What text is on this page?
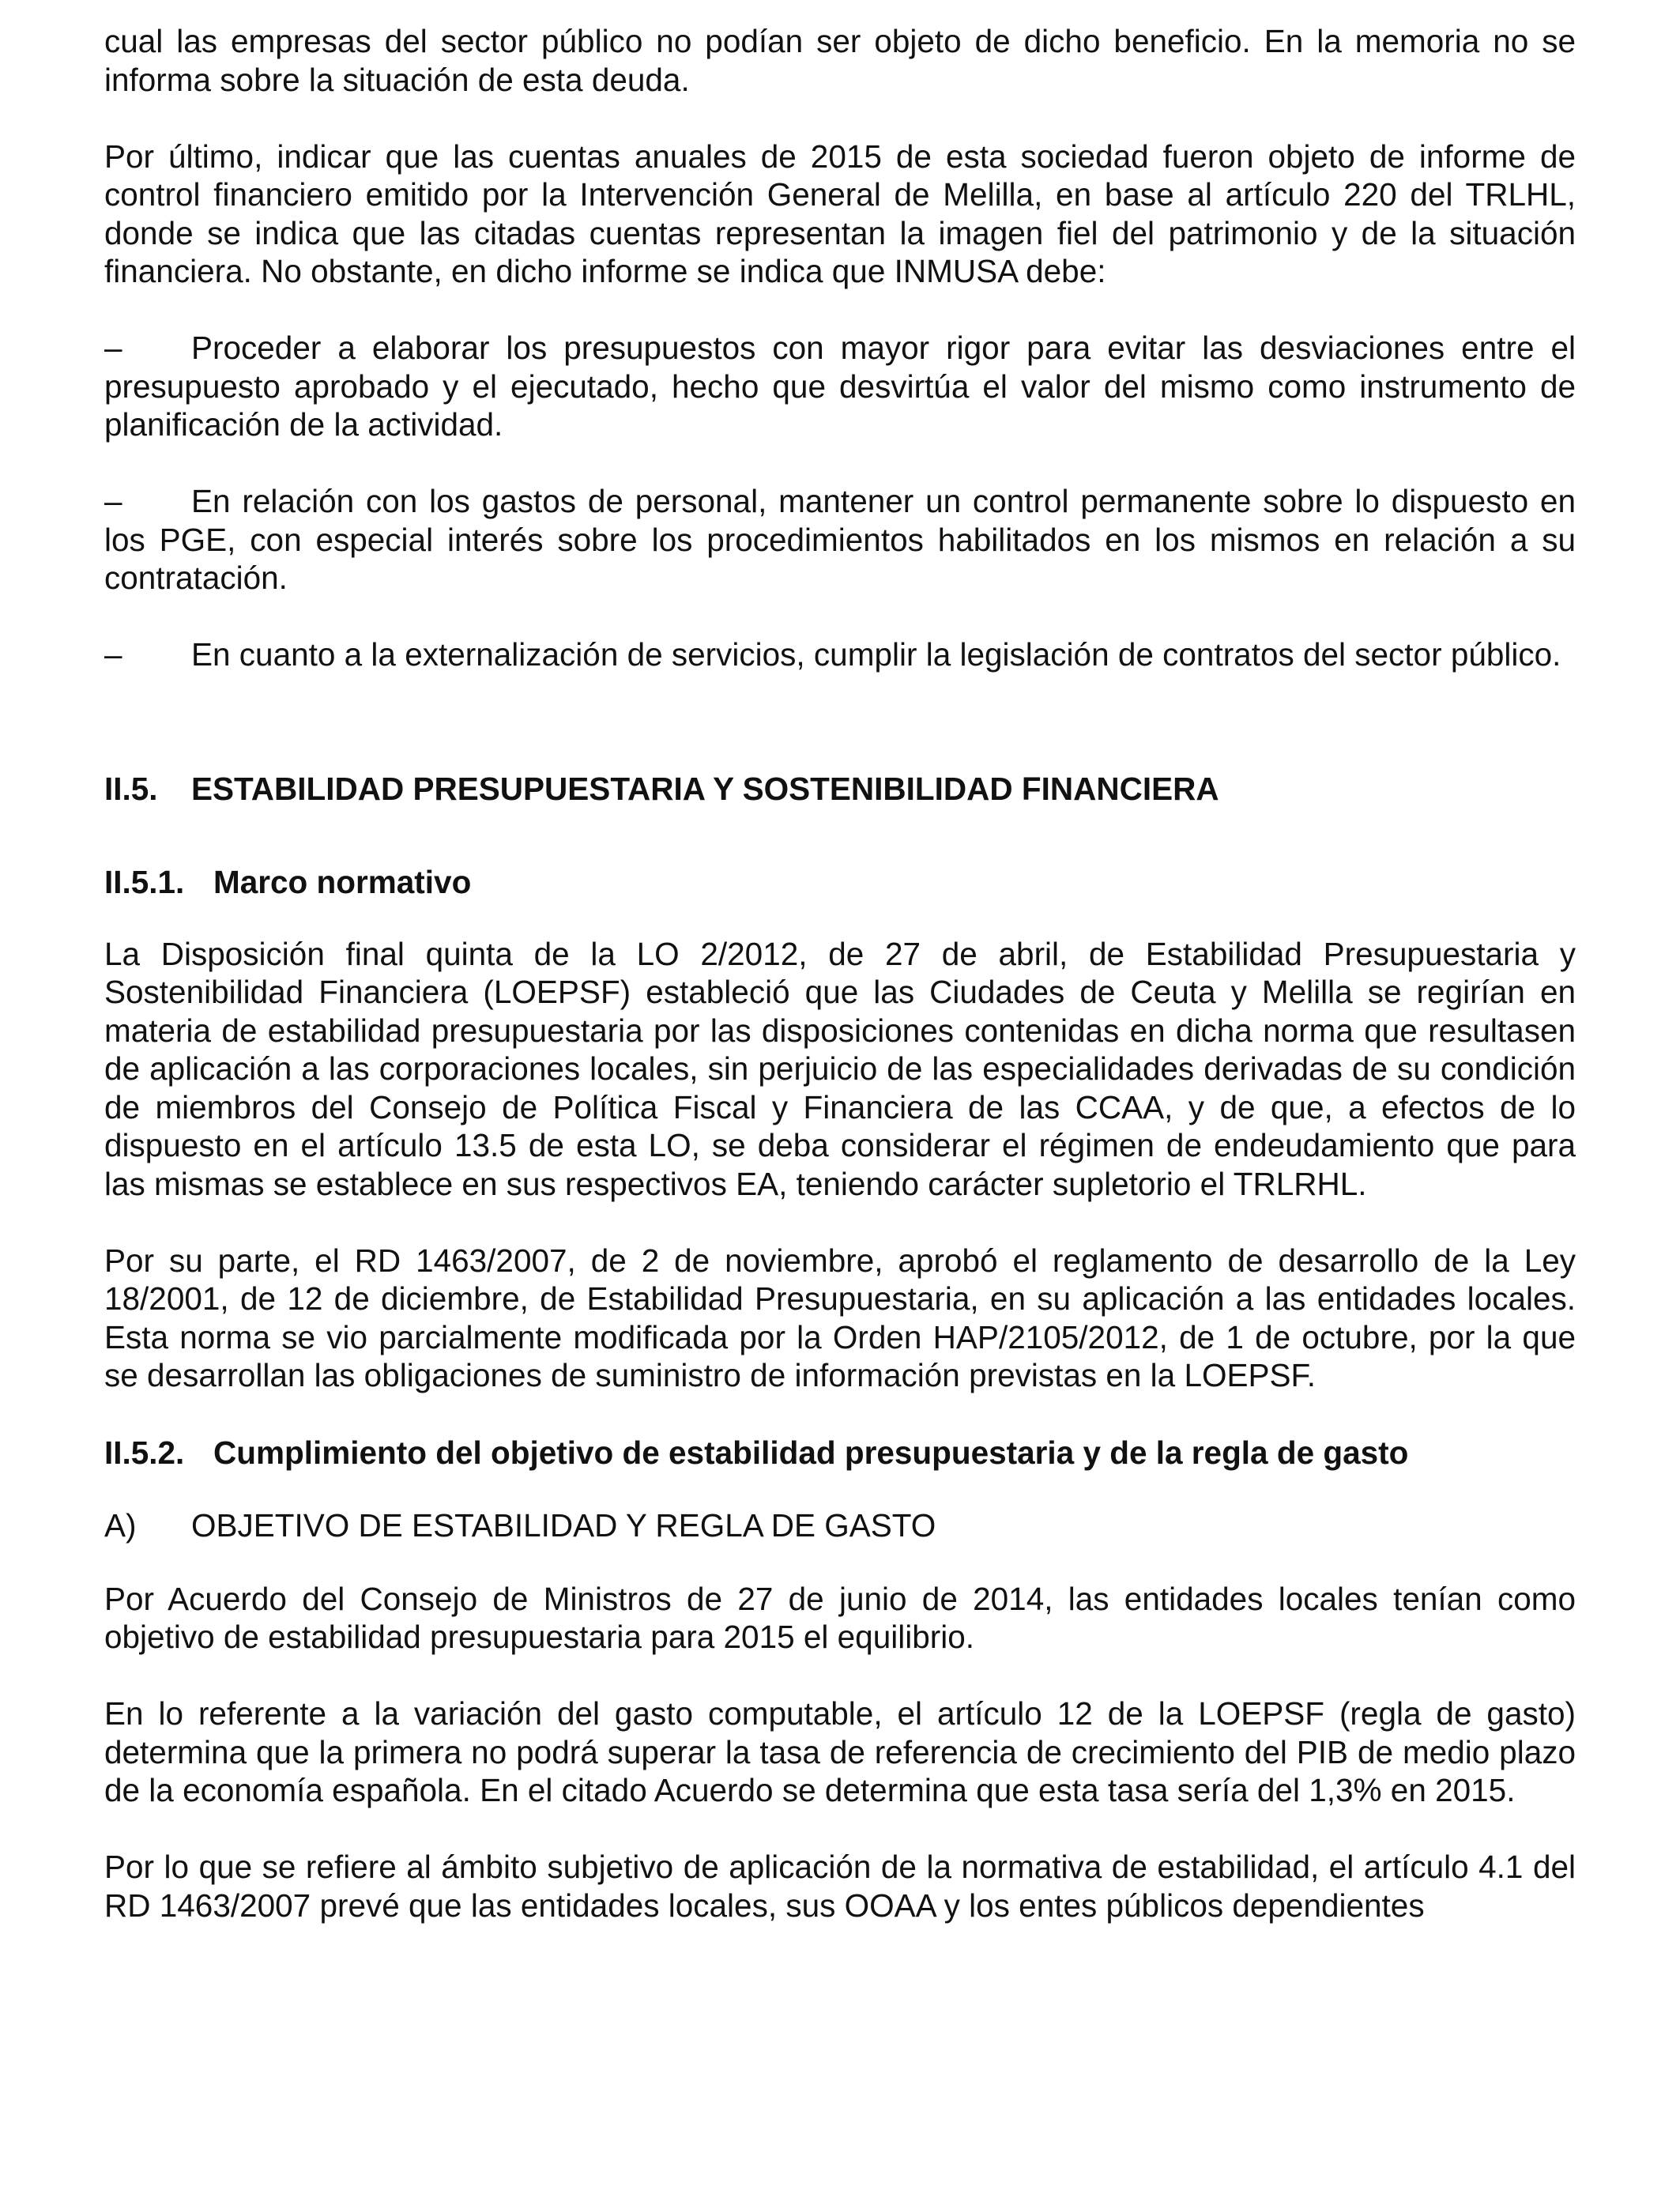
cual las empresas del sector público no podían ser objeto de dicho beneficio. En la memoria no se informa sobre la situación de esta deuda.

Por último, indicar que las cuentas anuales de 2015 de esta sociedad fueron objeto de informe de control financiero emitido por la Intervención General de Melilla, en base al artículo 220 del TRLHL, donde se indica que las citadas cuentas representan la imagen fiel del patrimonio y de la situación financiera. No obstante, en dicho informe se indica que INMUSA debe:

– Proceder a elaborar los presupuestos con mayor rigor para evitar las desviaciones entre el presupuesto aprobado y el ejecutado, hecho que desvirtúa el valor del mismo como instrumento de planificación de la actividad.

– En relación con los gastos de personal, mantener un control permanente sobre lo dispuesto en los PGE, con especial interés sobre los procedimientos habilitados en los mismos en relación a su contratación.

– En cuanto a la externalización de servicios, cumplir la legislación de contratos del sector público.

II.5. ESTABILIDAD PRESUPUESTARIA Y SOSTENIBILIDAD FINANCIERA
II.5.1. Marco normativo

La Disposición final quinta de la LO 2/2012, de 27 de abril, de Estabilidad Presupuestaria y Sostenibilidad Financiera (LOEPSF) estableció que las Ciudades de Ceuta y Melilla se regirían en materia de estabilidad presupuestaria por las disposiciones contenidas en dicha norma que resultasen de aplicación a las corporaciones locales, sin perjuicio de las especialidades derivadas de su condición de miembros del Consejo de Política Fiscal y Financiera de las CCAA, y de que, a efectos de lo dispuesto en el artículo 13.5 de esta LO, se deba considerar el régimen de endeudamiento que para las mismas se establece en sus respectivos EA, teniendo carácter supletorio el TRLRHL.

Por su parte, el RD 1463/2007, de 2 de noviembre, aprobó el reglamento de desarrollo de la Ley 18/2001, de 12 de diciembre, de Estabilidad Presupuestaria, en su aplicación a las entidades locales. Esta norma se vio parcialmente modificada por la Orden HAP/2105/2012, de 1 de octubre, por la que se desarrollan las obligaciones de suministro de información previstas en la LOEPSF.

II.5.2. Cumplimiento del objetivo de estabilidad presupuestaria y de la regla de gasto

A) OBJETIVO DE ESTABILIDAD Y REGLA DE GASTO

Por Acuerdo del Consejo de Ministros de 27 de junio de 2014, las entidades locales tenían como objetivo de estabilidad presupuestaria para 2015 el equilibrio.

En lo referente a la variación del gasto computable, el artículo 12 de la LOEPSF (regla de gasto) determina que la primera no podrá superar la tasa de referencia de crecimiento del PIB de medio plazo de la economía española. En el citado Acuerdo se determina que esta tasa sería del 1,3% en 2015.

Por lo que se refiere al ámbito subjetivo de aplicación de la normativa de estabilidad, el artículo 4.1 del RD 1463/2007 prevé que las entidades locales, sus OOAA y los entes públicos dependientes
